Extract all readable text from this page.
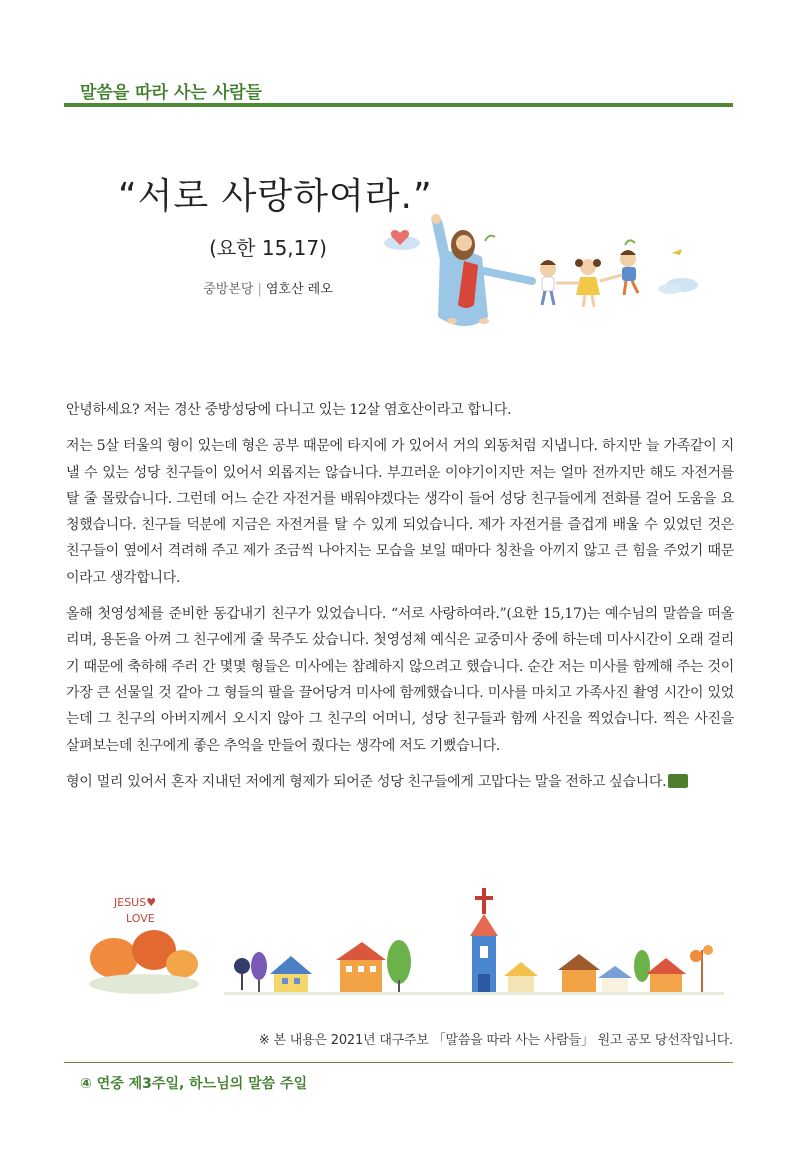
말씀을 따라 사는 사람들
“서로 사랑하여라.”
(요한 15,17)
중방본당 | 염호산 레오

안녕하세요? 저는 경산 중방성당에 다니고 있는 12살 염호산이라고 합니다.

저는 5살 터울의 형이 있는데 형은 공부 때문에 타지에 가 있어서 거의 외동처럼 지냅니다. 하지만 늘 가족같이 지낼 수 있는 성당 친구들이 있어서 외롭지는 않습니다. 부끄러운 이야기이지만 저는 얼마 전까지만 해도 자전거를 탈 줄 몰랐습니다. 그런데 어느 순간 자전거를 배워야겠다는 생각이 들어 성당 친구들에게 전화를 걸어 도움을 요청했습니다. 친구들 덕분에 지금은 자전거를 탈 수 있게 되었습니다. 제가 자전거를 즐겁게 배울 수 있었던 것은 친구들이 옆에서 격려해 주고 제가 조금씩 나아지는 모습을 보일 때마다 칭찬을 아끼지 않고 큰 힘을 주었기 때문이라고 생각합니다.

올해 첫영성체를 준비한 동갑내기 친구가 있었습니다. “서로 사랑하여라.”(요한 15,17)는 예수님의 말씀을 떠올리며, 용돈을 아껴 그 친구에게 줄 묵주도 샀습니다. 첫영성체 예식은 교중미사 중에 하는데 미사시간이 오래 걸리기 때문에 축하해 주러 간 몇몇 형들은 미사에는 참례하지 않으려고 했습니다. 순간 저는 미사를 함께해 주는 것이 가장 큰 선물일 것 같아 그 형들의 팔을 끌어당겨 미사에 함께했습니다. 미사를 마치고 가족사진 촬영 시간이 있었는데 그 친구의 아버지께서 오시지 않아 그 친구의 어머니, 성당 친구들과 함께 사진을 찍었습니다. 찍은 사진을 살펴보는데 친구에게 좋은 추억을 만들어 줬다는 생각에 저도 기뻤습니다.

형이 멀리 있어서 혼자 지내던 저에게 형제가 되어준 성당 친구들에게 고맙다는 말을 전하고 싶습니다.

JESUS♥
LOVE
※ 본 내용은 2021년 대구주보 「말씀을 따라 사는 사람들」 원고 공모 당선작입니다.
④ 연중 제3주일, 하느님의 말씀 주일
